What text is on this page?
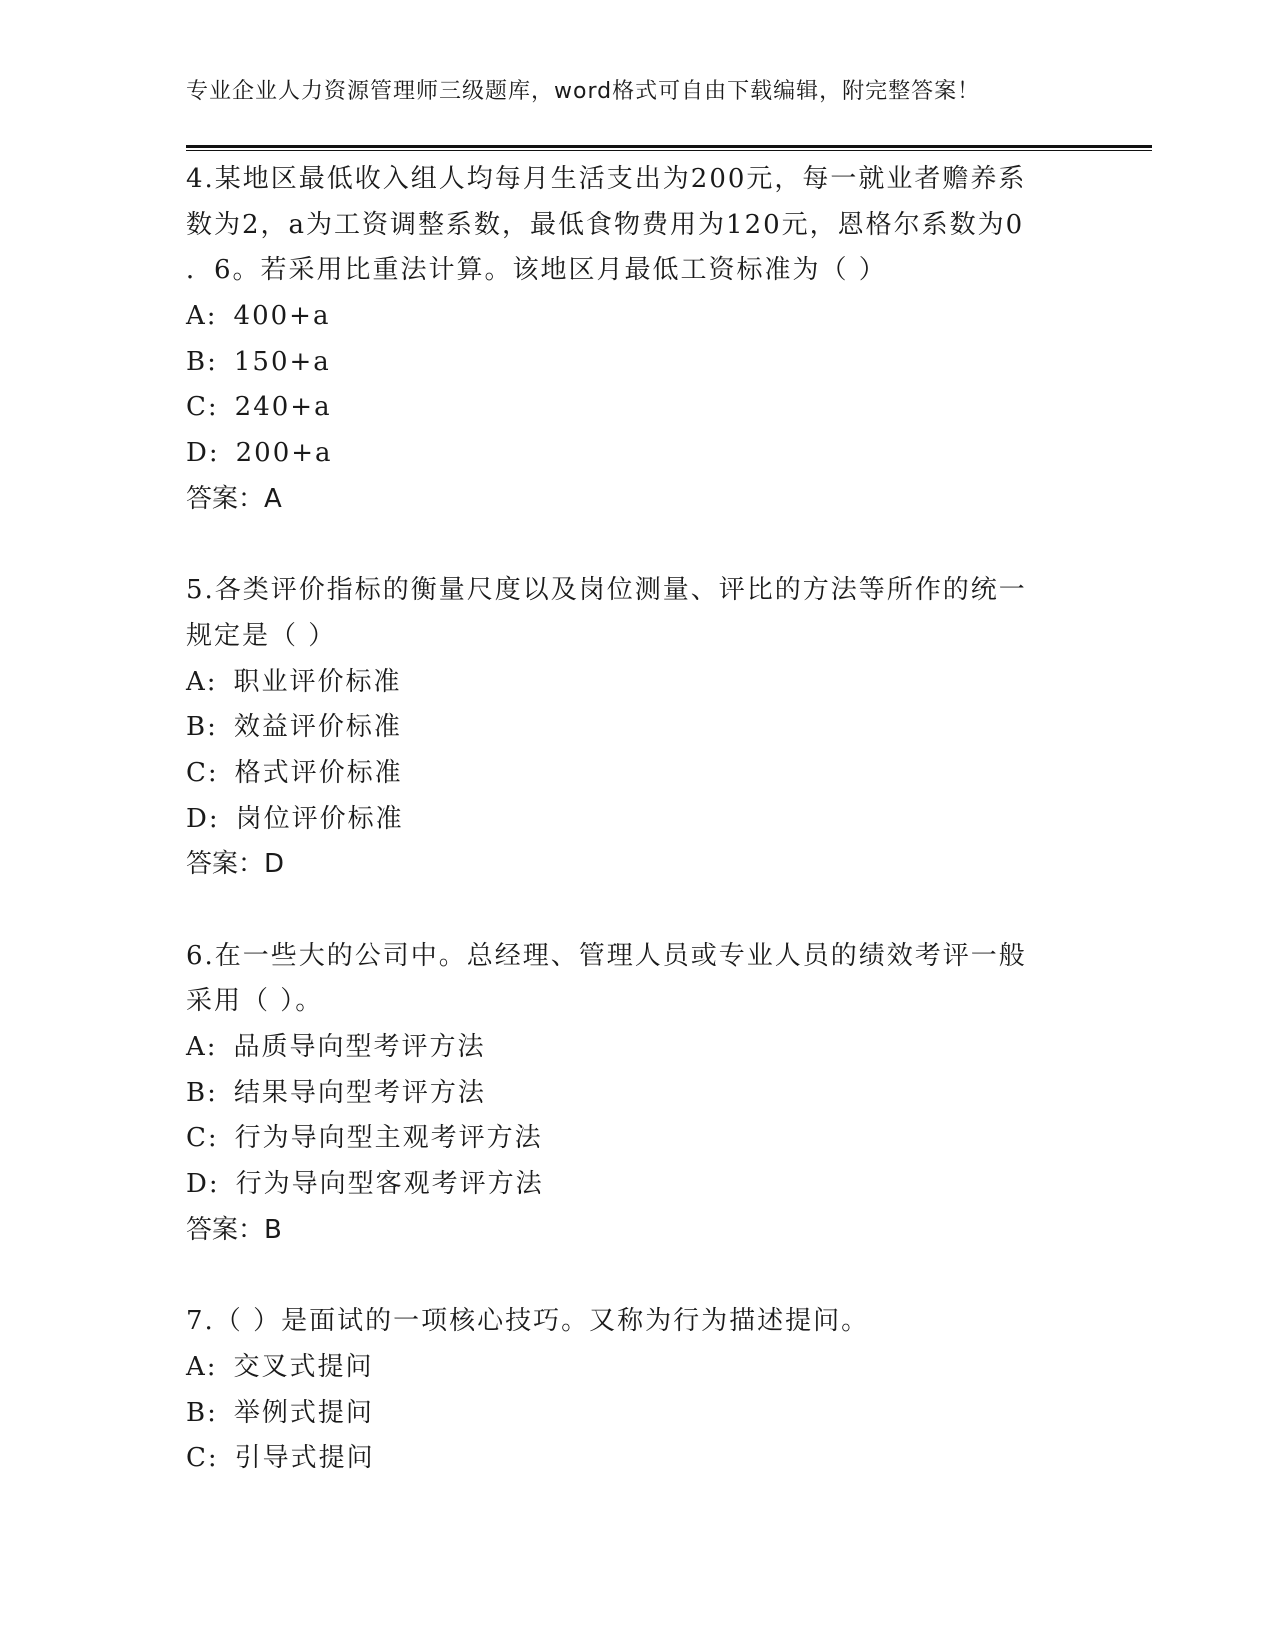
专业企业人力资源管理师三级题库，word格式可自由下载编辑，附完整答案！
4.某地区最低收入组人均每月生活支出为200元，每一就业者赡养系
数为2，a为工资调整系数，最低食物费用为120元，恩格尔系数为0
．6。若采用比重法计算。该地区月最低工资标准为（ ）
A: 400+a
B: 150+a
C: 240+a
D: 200+a
答案：A
5.各类评价指标的衡量尺度以及岗位测量、评比的方法等所作的统一
规定是（ ）
A: 职业评价标准
B: 效益评价标准
C: 格式评价标准
D: 岗位评价标准
答案：D
6.在一些大的公司中。总经理、管理人员或专业人员的绩效考评一般
采用（ ）。
A: 品质导向型考评方法
B: 结果导向型考评方法
C: 行为导向型主观考评方法
D: 行为导向型客观考评方法
答案：B
7.（ ）是面试的一项核心技巧。又称为行为描述提问。
A: 交叉式提问
B: 举例式提问
C: 引导式提问
